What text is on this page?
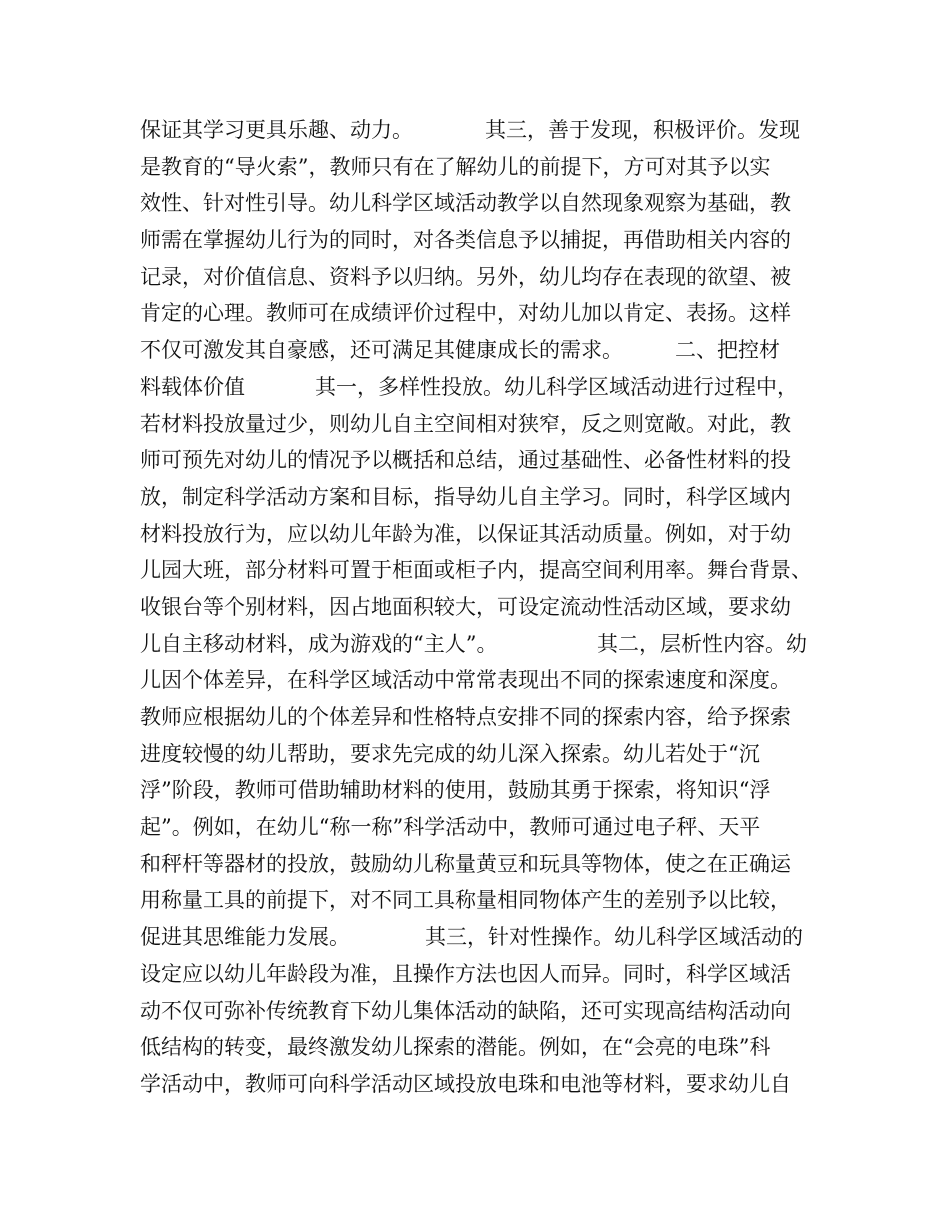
保证其学习更具乐趣、动力。	其三，善于发现，积极评价。发现
是教育的“导火索”，教师只有在了解幼儿的前提下，方可对其予以实
效性、针对性引导。幼儿科学区域活动教学以自然现象观察为基础，教
师需在掌握幼儿行为的同时，对各类信息予以捕捉，再借助相关内容的
记录，对价值信息、资料予以归纳。另外，幼儿均存在表现的欲望、被
肯定的心理。教师可在成绩评价过程中，对幼儿加以肯定、表扬。这样
不仅可激发其自豪感，还可满足其健康成长的需求。 二、把控材
料载体价值	其一，多样性投放。幼儿科学区域活动进行过程中，
若材料投放量过少，则幼儿自主空间相对狭窄，反之则宽敞。对此，教
师可预先对幼儿的情况予以概括和总结，通过基础性、必备性材料的投
放，制定科学活动方案和目标，指导幼儿自主学习。同时，科学区域内
材料投放行为，应以幼儿年龄为准，以保证其活动质量。例如，对于幼
儿园大班，部分材料可置于柜面或柜子内，提高空间利用率。舞台背景、
收银台等个别材料，因占地面积较大，可设定流动性活动区域，要求幼
儿自主移动材料，成为游戏的“主人”。	其二，层析性内容。幼
儿因个体差异，在科学区域活动中常常表现出不同的探索速度和深度。
教师应根据幼儿的个体差异和性格特点安排不同的探索内容，给予探索
进度较慢的幼儿帮助，要求先完成的幼儿深入探索。幼儿若处于“沉
浮”阶段，教师可借助辅助材料的使用，鼓励其勇于探索，将知识“浮
起”。例如，在幼儿“称一称”科学活动中，教师可通过电子秤、天平
和秤杆等器材的投放，鼓励幼儿称量黄豆和玩具等物体，使之在正确运
用称量工具的前提下，对不同工具称量相同物体产生的差别予以比较，
促进其思维能力发展。	其三，针对性操作。幼儿科学区域活动的
设定应以幼儿年龄段为准，且操作方法也因人而异。同时，科学区域活
动不仅可弥补传统教育下幼儿集体活动的缺陷，还可实现高结构活动向
低结构的转变，最终激发幼儿探索的潜能。例如，在“会亮的电珠”科
学活动中，教师可向科学活动区域投放电珠和电池等材料，要求幼儿自
